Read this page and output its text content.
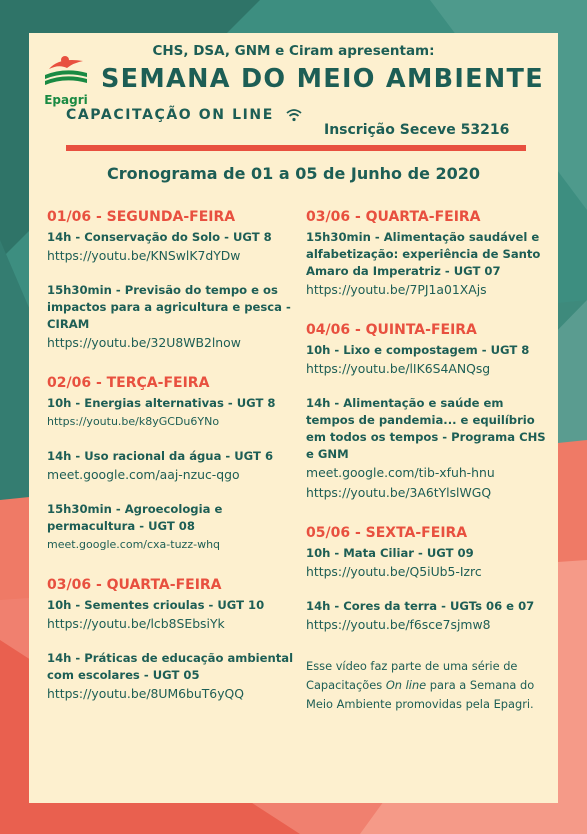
CHS, DSA, GNM e Ciram apresentam:
Epagri
SEMANA DO MEIO AMBIENTE
CAPACITAÇÃO ON LINE
Inscrição Seceve 53216
Cronograma de 01 a 05 de Junho de 2020
01/06 - SEGUNDA-FEIRA
14h - Conservação do Solo - UGT 8
https://youtu.be/KNSwlK7dYDw
15h30min - Previsão do tempo e os impactos para a agricultura e pesca - CIRAM
https://youtu.be/32U8WB2lnow
02/06 - TERÇA-FEIRA
10h - Energias alternativas - UGT 8
https://youtu.be/k8yGCDu6YNo
14h - Uso racional da água - UGT 6
meet.google.com/aaj-nzuc-qgo
15h30min - Agroecologia e permacultura - UGT 08
meet.google.com/cxa-tuzz-whq
03/06 - QUARTA-FEIRA
10h - Sementes crioulas - UGT 10
https://youtu.be/lcb8SEbsiYk
14h - Práticas de educação ambiental com escolares - UGT 05
https://youtu.be/8UM6buT6yQQ
03/06 - QUARTA-FEIRA
15h30min - Alimentação saudável e alfabetização: experiência de Santo Amaro da Imperatriz - UGT 07
https://youtu.be/7PJ1a01XAjs
04/06 - QUINTA-FEIRA
10h - Lixo e compostagem - UGT 8
https://youtu.be/lIK6S4ANQsg
14h - Alimentação e saúde em tempos de pandemia... e equilíbrio em todos os tempos - Programa CHS e GNM
meet.google.com/tib-xfuh-hnu
https://youtu.be/3A6tYlslWGQ
05/06 - SEXTA-FEIRA
10h - Mata Ciliar - UGT 09
https://youtu.be/Q5iUb5-Izrc
14h - Cores da terra - UGTs 06 e 07
https://youtu.be/f6sce7sjmw8
Esse vídeo faz parte de uma série de Capacitações On line para a Semana do Meio Ambiente promovidas pela Epagri.
